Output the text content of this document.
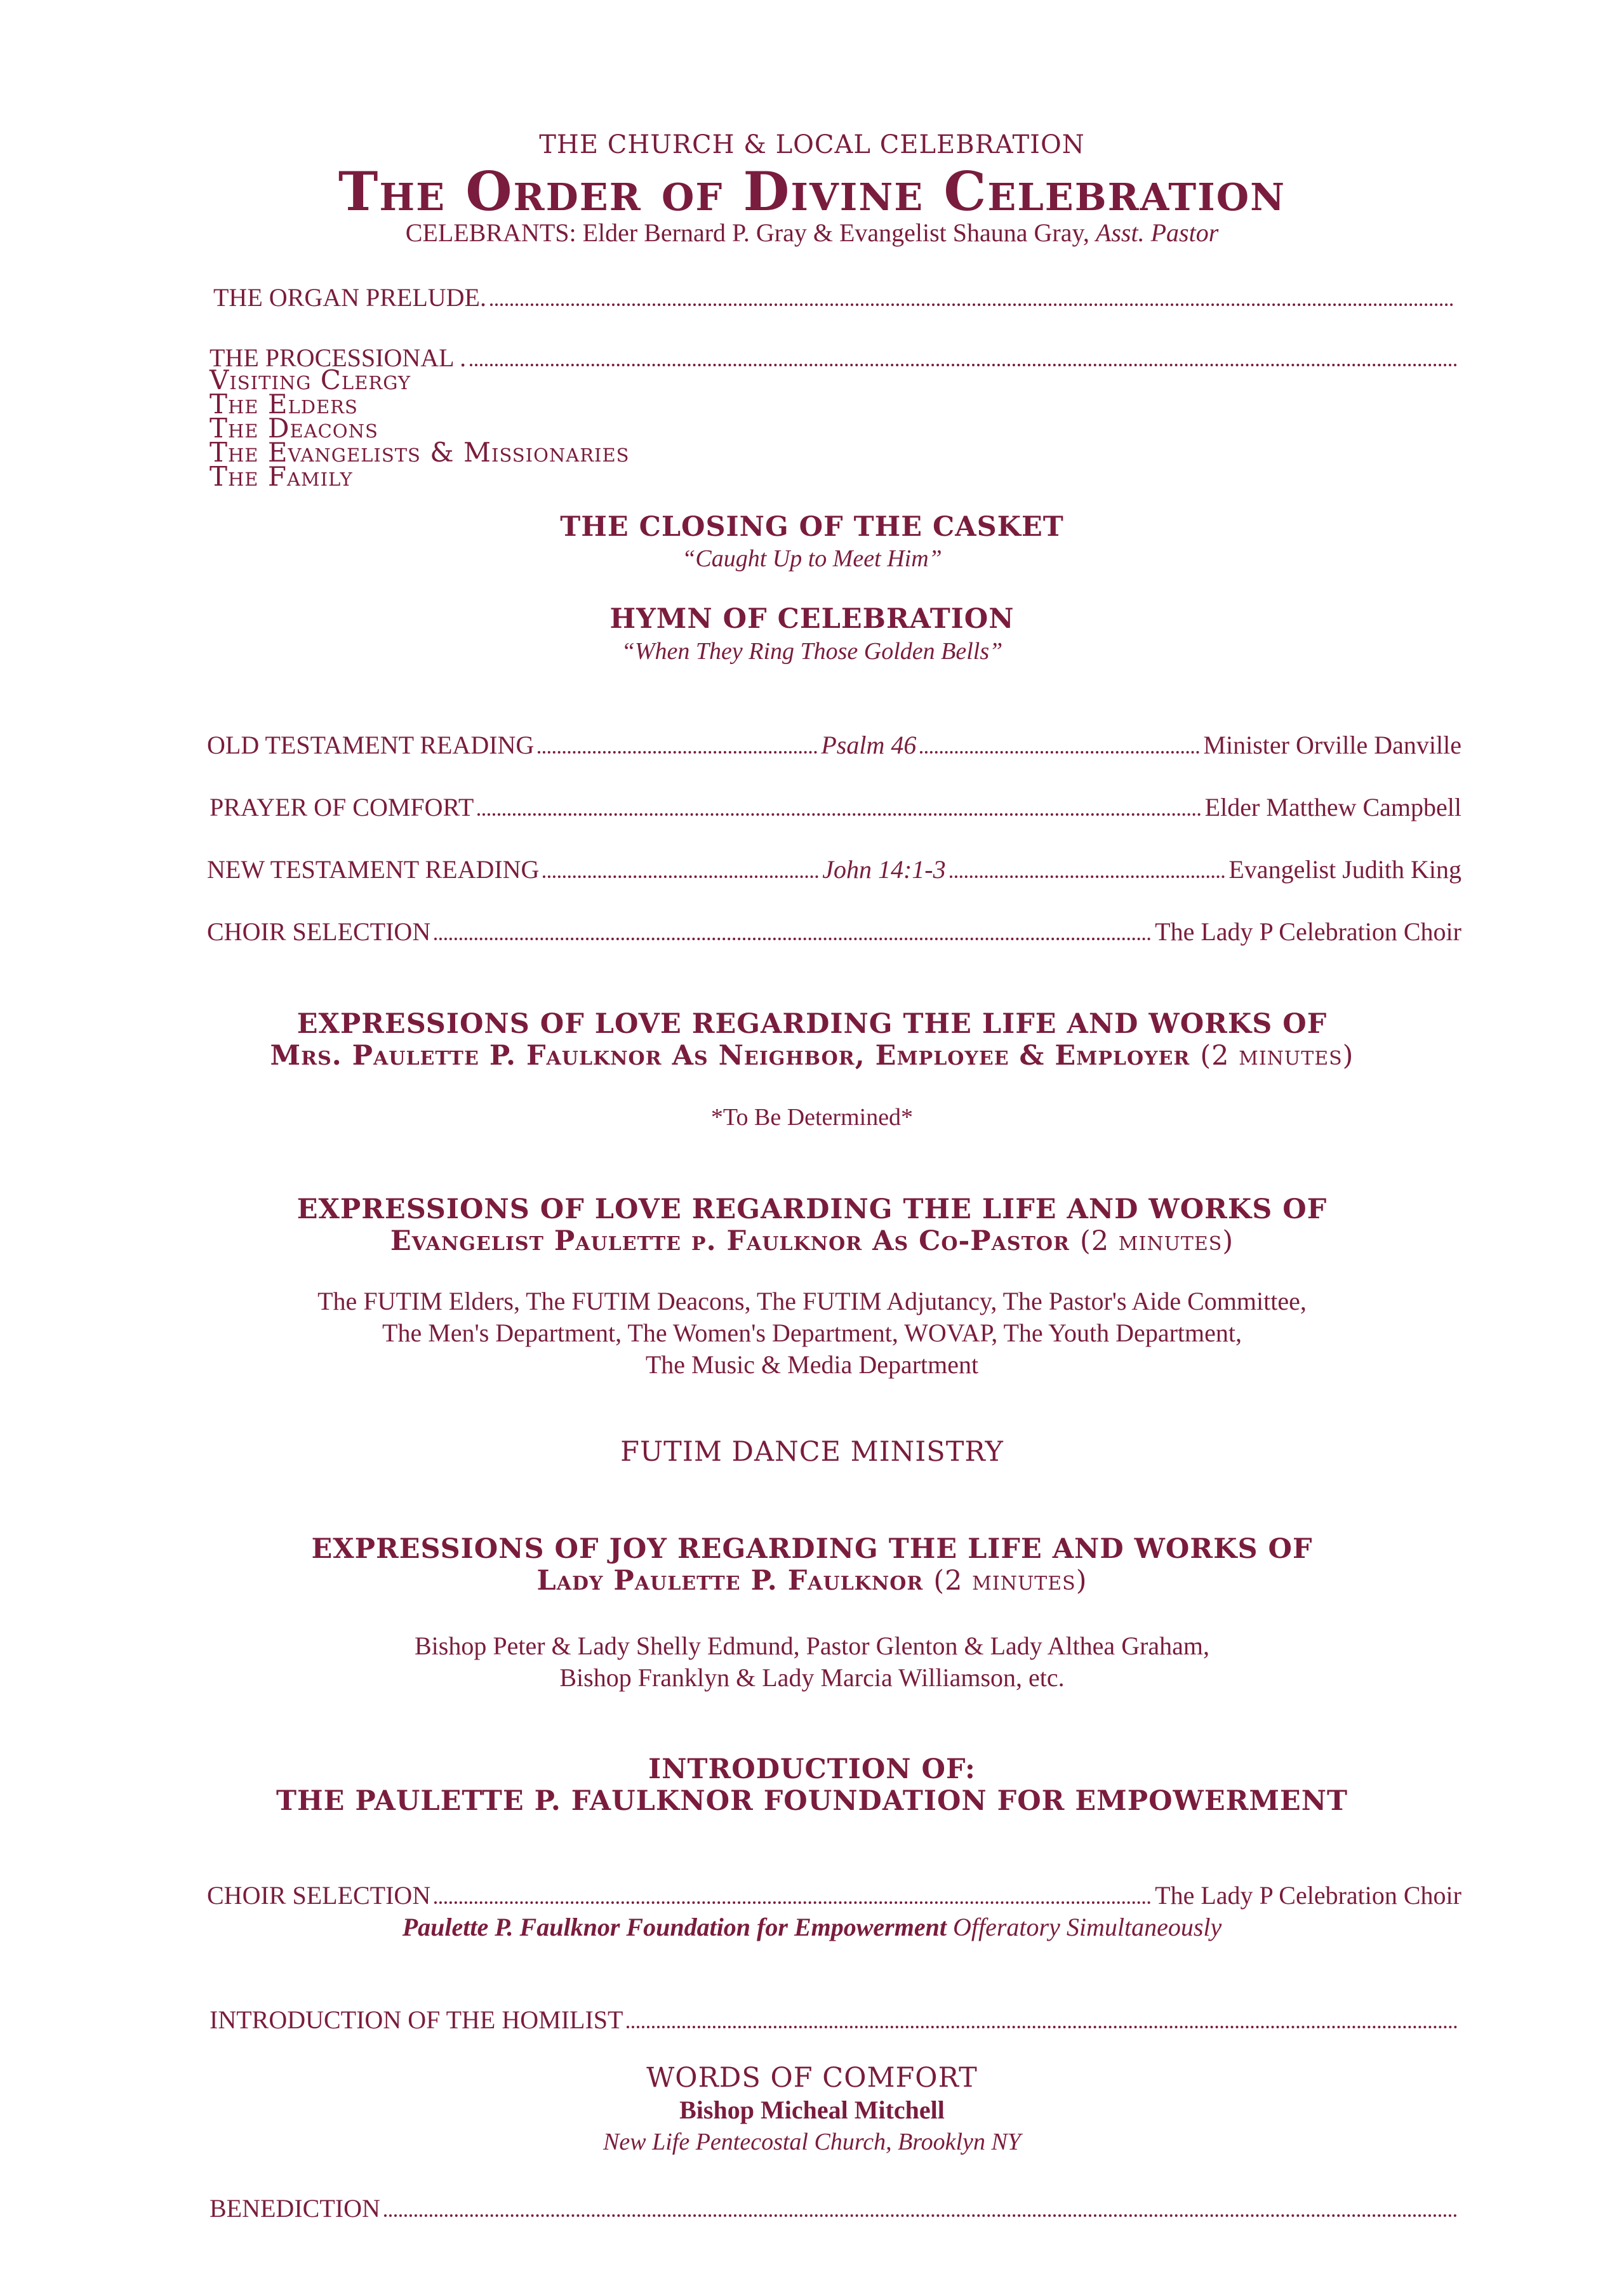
THE CHURCH & LOCAL CELEBRATION
The Order of Divine Celebration
CELEBRANTS: Elder Bernard P. Gray & Evangelist Shauna Gray, Asst. Pastor
THE ORGAN PRELUDE.
THE PROCESSIONAL .
Visiting Clergy
The Elders
The Deacons
The Evangelists & Missionaries
The Family
THE CLOSING OF THE CASKET
“Caught Up to Meet Him”
HYMN OF CELEBRATION
“When They Ring Those Golden Bells”
OLD TESTAMENT READING	Psalm 46	Minister Orville Danville
PRAYER OF COMFORT	Elder Matthew Campbell
NEW TESTAMENT READING	John 14:1-3	Evangelist Judith King
CHOIR SELECTION	The Lady P Celebration Choir
EXPRESSIONS OF LOVE REGARDING THE LIFE AND WORKS OF
Mrs. Paulette P. Faulknor As Neighbor, Employee & Employer (2 minutes)
*To Be Determined*
EXPRESSIONS OF LOVE REGARDING THE LIFE AND WORKS OF
Evangelist Paulette p. Faulknor As Co-Pastor (2 minutes)
The FUTIM Elders, The FUTIM Deacons, The FUTIM Adjutancy, The Pastor's Aide Committee,
The Men's Department, The Women's Department, WOVAP, The Youth Department,
The Music & Media Department
FUTIM DANCE MINISTRY
EXPRESSIONS OF JOY REGARDING THE LIFE AND WORKS OF
Lady Paulette P. Faulknor (2 minutes)
Bishop Peter & Lady Shelly Edmund, Pastor Glenton & Lady Althea Graham,
Bishop Franklyn & Lady Marcia Williamson, etc.
INTRODUCTION OF:
THE PAULETTE P. FAULKNOR FOUNDATION FOR EMPOWERMENT
CHOIR SELECTION	The Lady P Celebration Choir
Paulette P. Faulknor Foundation for Empowerment Offeratory Simultaneously
INTRODUCTION OF THE HOMILIST
WORDS OF COMFORT
Bishop Micheal Mitchell
New Life Pentecostal Church, Brooklyn NY
BENEDICTION
